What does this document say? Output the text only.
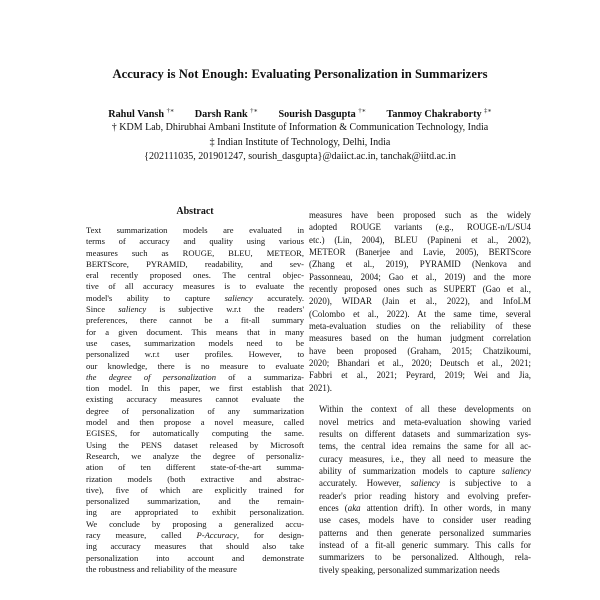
Accuracy is Not Enough: Evaluating Personalization in Summarizers
Rahul Vansh †∗ Darsh Rank †∗ Sourish Dasgupta †∗ Tanmoy Chakraborty ‡∗
† KDM Lab, Dhirubhai Ambani Institute of Information & Communication Technology, India
‡ Indian Institute of Technology, Delhi, India
{202111035, 201901247, sourish_dasgupta}@daiict.ac.in, tanchak@iitd.ac.in
Abstract
Text summarization models are evaluated in
terms of accuracy and quality using various
measures such as ROUGE, BLEU, METEOR,
BERTScore, PYRAMID, readability, and sev-
eral recently proposed ones. The central objec-
tive of all accuracy measures is to evaluate the
model's ability to capture saliency accurately.
Since saliency is subjective w.r.t the readers'
preferences, there cannot be a fit-all summary
for a given document. This means that in many
use cases, summarization models need to be
personalized w.r.t user profiles. However, to
our knowledge, there is no measure to evaluate
the degree of personalization of a summariza-
tion model. In this paper, we first establish that
existing accuracy measures cannot evaluate the
degree of personalization of any summarization
model and then propose a novel measure, called
EGISES, for automatically computing the same.
Using the PENS dataset released by Microsoft
Research, we analyze the degree of personaliz-
ation of ten different state-of-the-art summa-
rization models (both extractive and abstrac-
tive), five of which are explicitly trained for
personalized summarization, and the remain-
ing are appropriated to exhibit personalization.
We conclude by proposing a generalized accu-
racy measure, called P-Accuracy, for design-
ing accuracy measures that should also take
personalization into account and demonstrate
the robustness and reliability of the measure

measures have been proposed such as the widely
adopted ROUGE variants (e.g., ROUGE-n/L/SU4
etc.) (Lin, 2004), BLEU (Papineni et al., 2002),
METEOR (Banerjee and Lavie, 2005), BERTScore
(Zhang et al., 2019), PYRAMID (Nenkova and
Passonneau, 2004; Gao et al., 2019) and the more
recently proposed ones such as SUPERT (Gao et al.,
2020), WIDAR (Jain et al., 2022), and InfoLM
(Colombo et al., 2022). At the same time, several
meta-evaluation studies on the reliability of these
measures based on the human judgment correlation
have been proposed (Graham, 2015; Chatzikoumi,
2020; Bhandari et al., 2020; Deutsch et al., 2021;
Fabbri et al., 2021; Peyrard, 2019; Wei and Jia,
2021).

Within the context of all these developments on
novel metrics and meta-evaluation showing varied
results on different datasets and summarization sys-
tems, the central idea remains the same for all ac-
curacy measures, i.e., they all need to measure the
ability of summarization models to capture saliency
accurately. However, saliency is subjective to a
reader's prior reading history and evolving prefer-
ences (aka attention drift). In other words, in many
use cases, models have to consider user reading
patterns and then generate personalized summaries
instead of a fit-all generic summary. This calls for
summarizers to be personalized. Although, rela-
tively speaking, personalized summarization needs
